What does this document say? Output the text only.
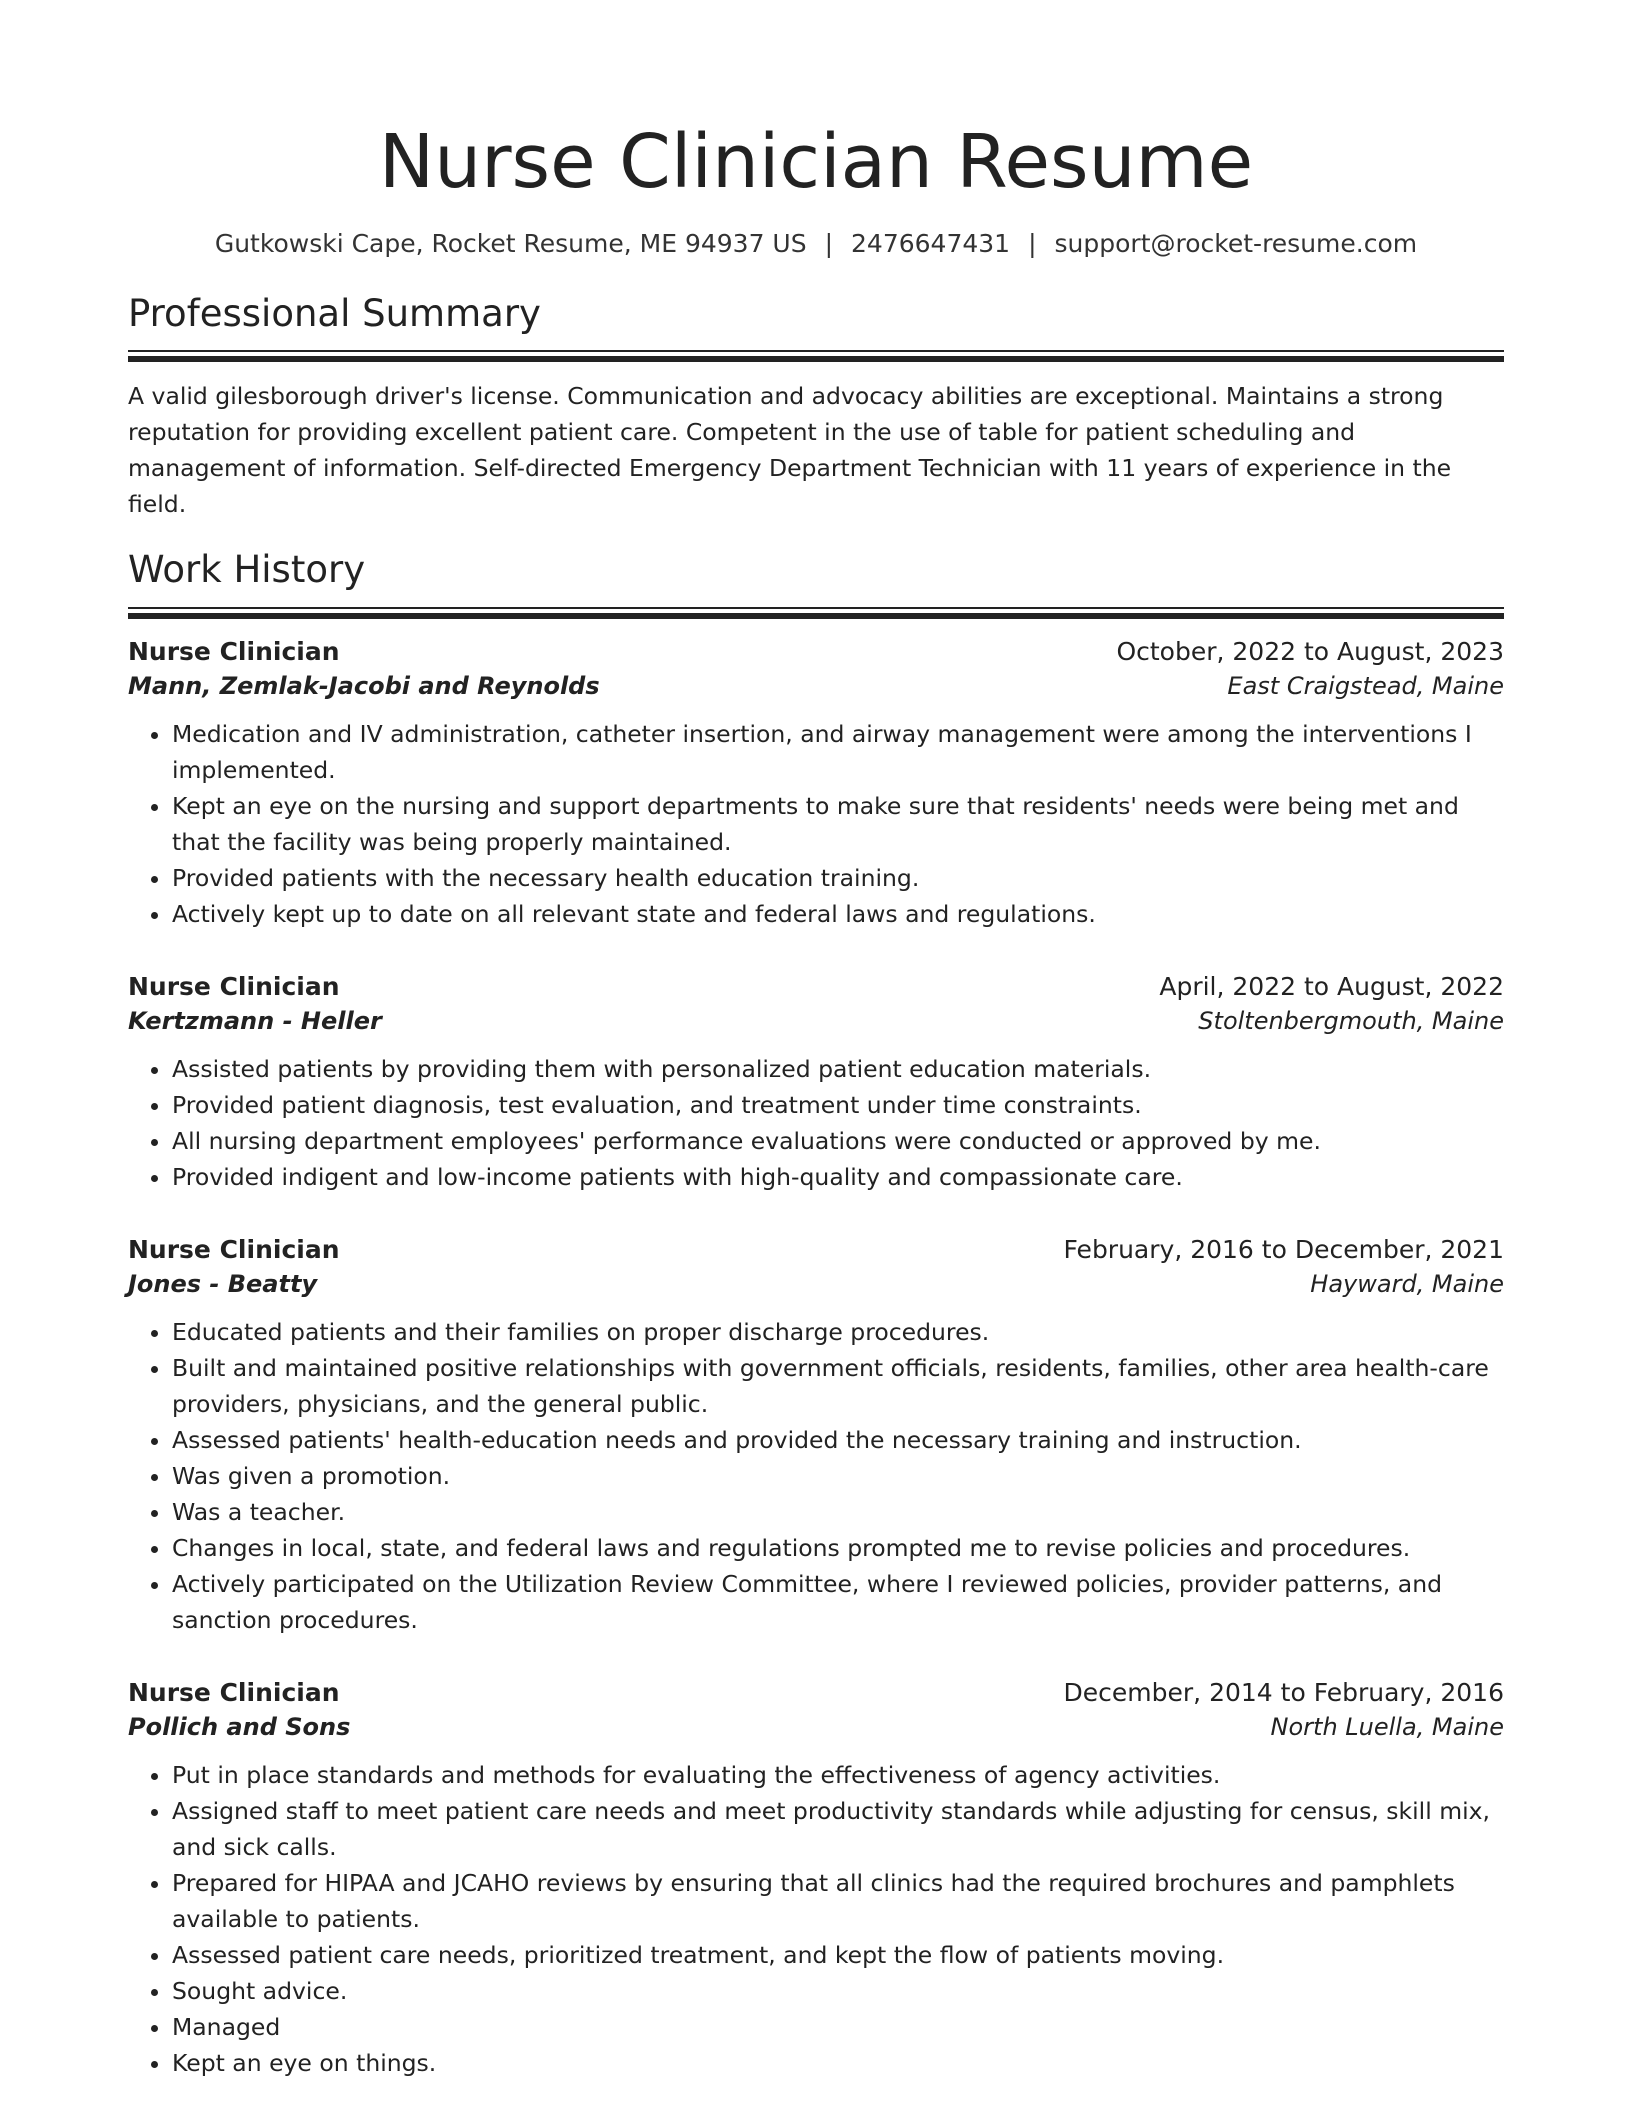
Nurse Clinician Resume
Gutkowski Cape, Rocket Resume, ME 94937 US | 2476647431 | support@rocket-resume.com
Professional Summary

A valid gilesborough driver's license. Communication and advocacy abilities are exceptional. Maintains a strong reputation for providing excellent patient care. Competent in the use of table for patient scheduling and management of information. Self-directed Emergency Department Technician with 11 years of experience in the field.

Work History
Nurse Clinician	October, 2022 to August, 2023
Mann, Zemlak-Jacobi and Reynolds	East Craigstead, Maine
• Medication and IV administration, catheter insertion, and airway management were among the interventions I implemented.
• Kept an eye on the nursing and support departments to make sure that residents' needs were being met and that the facility was being properly maintained.
• Provided patients with the necessary health education training.
• Actively kept up to date on all relevant state and federal laws and regulations.
Nurse Clinician	April, 2022 to August, 2022
Kertzmann - Heller	Stoltenbergmouth, Maine
• Assisted patients by providing them with personalized patient education materials.
• Provided patient diagnosis, test evaluation, and treatment under time constraints.
• All nursing department employees' performance evaluations were conducted or approved by me.
• Provided indigent and low-income patients with high-quality and compassionate care.
Nurse Clinician	February, 2016 to December, 2021
Jones - Beatty	Hayward, Maine
• Educated patients and their families on proper discharge procedures.
• Built and maintained positive relationships with government officials, residents, families, other area health-care providers, physicians, and the general public.
• Assessed patients' health-education needs and provided the necessary training and instruction.
• Was given a promotion.
• Was a teacher.
• Changes in local, state, and federal laws and regulations prompted me to revise policies and procedures.
• Actively participated on the Utilization Review Committee, where I reviewed policies, provider patterns, and sanction procedures.
Nurse Clinician	December, 2014 to February, 2016
Pollich and Sons	North Luella, Maine
• Put in place standards and methods for evaluating the effectiveness of agency activities.
• Assigned staff to meet patient care needs and meet productivity standards while adjusting for census, skill mix, and sick calls.
• Prepared for HIPAA and JCAHO reviews by ensuring that all clinics had the required brochures and pamphlets available to patients.
• Assessed patient care needs, prioritized treatment, and kept the flow of patients moving.
• Sought advice.
• Managed
• Kept an eye on things.
